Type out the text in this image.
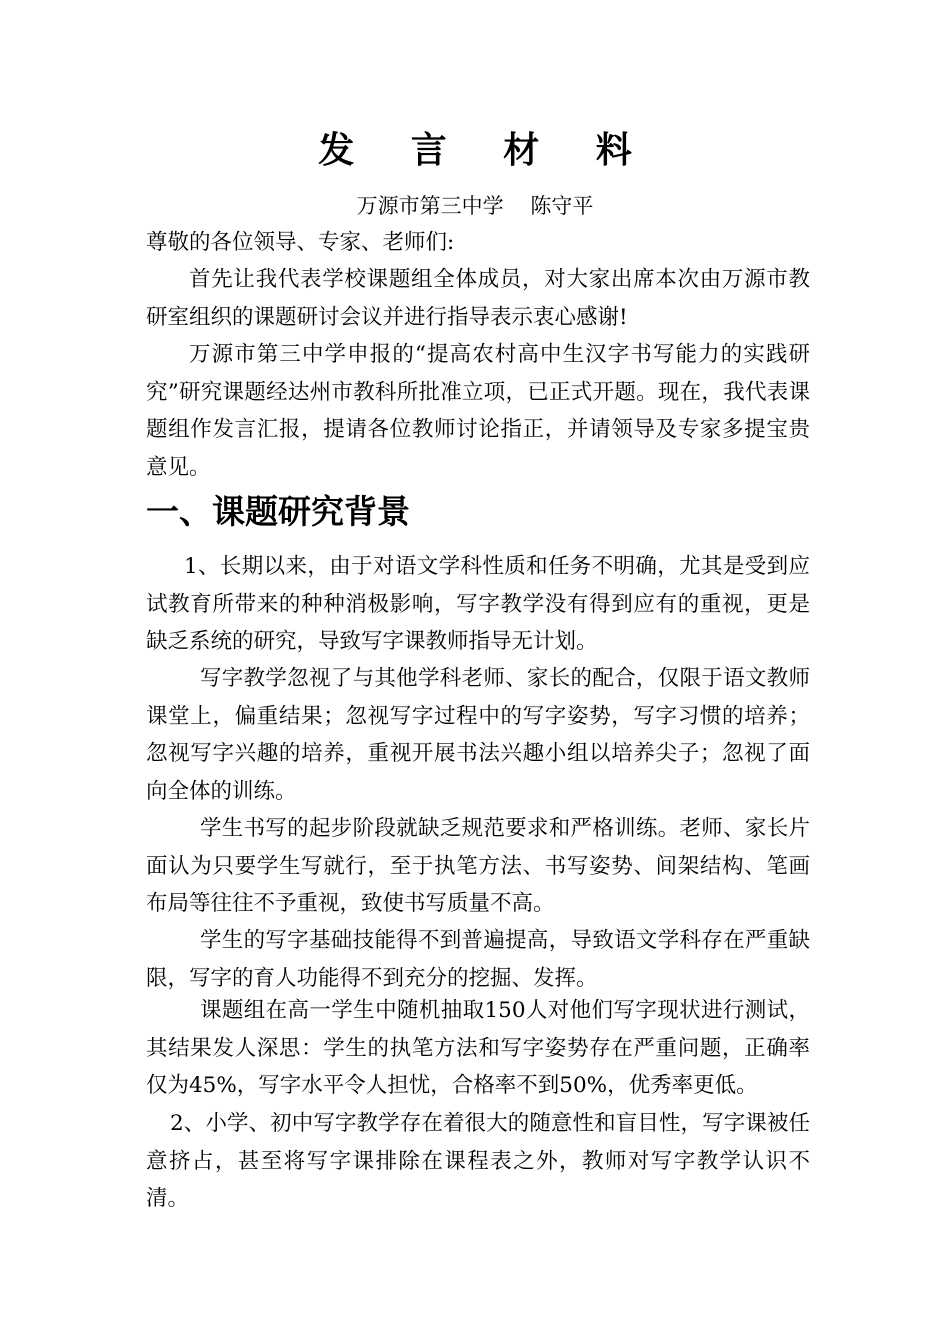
发 言 材 料
万源市第三中学    陈守平
尊敬的各位领导、专家、老师们:
首先让我代表学校课题组全体成员，对大家出席本次由万源市教研室组织的课题研讨会议并进行指导表示衷心感谢!
万源市第三中学申报的“提高农村高中生汉字书写能力的实践研究”研究课题经达州市教科所批准立项，已正式开题。现在，我代表课题组作发言汇报，提请各位教师讨论指正，并请领导及专家多提宝贵意见。
一、课题研究背景
1、长期以来，由于对语文学科性质和任务不明确，尤其是受到应试教育所带来的种种消极影响，写字教学没有得到应有的重视，更是缺乏系统的研究，导致写字课教师指导无计划。
写字教学忽视了与其他学科老师、家长的配合，仅限于语文教师课堂上，偏重结果；忽视写字过程中的写字姿势，写字习惯的培养；忽视写字兴趣的培养，重视开展书法兴趣小组以培养尖子；忽视了面向全体的训练。
学生书写的起步阶段就缺乏规范要求和严格训练。老师、家长片面认为只要学生写就行，至于执笔方法、书写姿势、间架结构、笔画布局等往往不予重视，致使书写质量不高。
学生的写字基础技能得不到普遍提高，导致语文学科存在严重缺限，写字的育人功能得不到充分的挖掘、发挥。
课题组在高一学生中随机抽取150人对他们写字现状进行测试，其结果发人深思：学生的执笔方法和写字姿势存在严重问题，正确率仅为45%，写字水平令人担忧，合格率不到50%，优秀率更低。
2、小学、初中写字教学存在着很大的随意性和盲目性，写字课被任意挤占，甚至将写字课排除在课程表之外，教师对写字教学认识不清。
